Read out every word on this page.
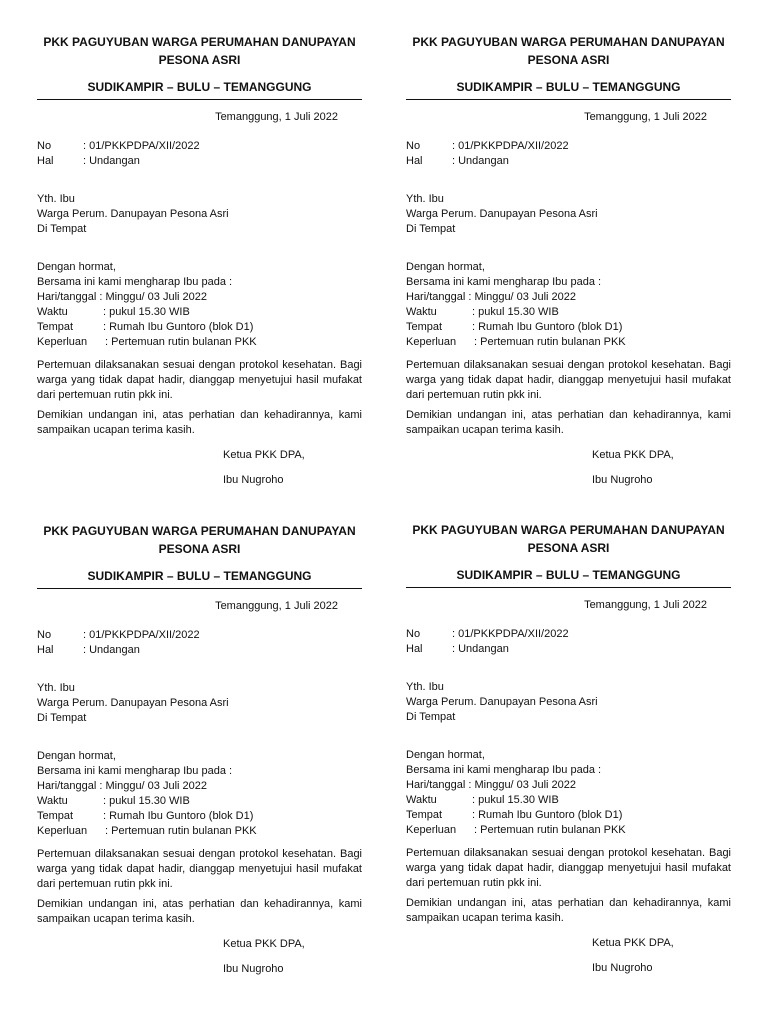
PKK PAGUYUBAN WARGA PERUMAHAN DANUPAYAN
PESONA ASRI
SUDIKAMPIR – BULU – TEMANGGUNG
Temanggung, 1 Juli 2022
No	: 01/PKKPDPA/XII/2022
Hal	: Undangan
Yth. Ibu
Warga Perum. Danupayan Pesona Asri
Di Tempat
Dengan hormat,
Bersama ini kami mengharap Ibu pada :
Hari/tanggal : Minggu/ 03 Juli 2022
Waktu	: pukul 15.30 WIB
Tempat	: Rumah Ibu Guntoro (blok D1)
Keperluan	: Pertemuan rutin bulanan PKK
Pertemuan dilaksanakan sesuai dengan protokol kesehatan. Bagi warga yang tidak dapat hadir, dianggap menyetujui hasil mufakat dari pertemuan rutin pkk ini.
Demikian undangan ini, atas perhatian dan kehadirannya, kami sampaikan ucapan terima kasih.
Ketua PKK DPA,
Ibu Nugroho
PKK PAGUYUBAN WARGA PERUMAHAN DANUPAYAN
PESONA ASRI
SUDIKAMPIR – BULU – TEMANGGUNG
Temanggung, 1 Juli 2022
No	: 01/PKKPDPA/XII/2022
Hal	: Undangan
Yth. Ibu
Warga Perum. Danupayan Pesona Asri
Di Tempat
Dengan hormat,
Bersama ini kami mengharap Ibu pada :
Hari/tanggal : Minggu/ 03 Juli 2022
Waktu	: pukul 15.30 WIB
Tempat	: Rumah Ibu Guntoro (blok D1)
Keperluan	: Pertemuan rutin bulanan PKK
Pertemuan dilaksanakan sesuai dengan protokol kesehatan. Bagi warga yang tidak dapat hadir, dianggap menyetujui hasil mufakat dari pertemuan rutin pkk ini.
Demikian undangan ini, atas perhatian dan kehadirannya, kami sampaikan ucapan terima kasih.
Ketua PKK DPA,
Ibu Nugroho
PKK PAGUYUBAN WARGA PERUMAHAN DANUPAYAN
PESONA ASRI
SUDIKAMPIR – BULU – TEMANGGUNG
Temanggung, 1 Juli 2022
No	: 01/PKKPDPA/XII/2022
Hal	: Undangan
Yth. Ibu
Warga Perum. Danupayan Pesona Asri
Di Tempat
Dengan hormat,
Bersama ini kami mengharap Ibu pada :
Hari/tanggal : Minggu/ 03 Juli 2022
Waktu	: pukul 15.30 WIB
Tempat	: Rumah Ibu Guntoro (blok D1)
Keperluan	: Pertemuan rutin bulanan PKK
Pertemuan dilaksanakan sesuai dengan protokol kesehatan. Bagi warga yang tidak dapat hadir, dianggap menyetujui hasil mufakat dari pertemuan rutin pkk ini.
Demikian undangan ini, atas perhatian dan kehadirannya, kami sampaikan ucapan terima kasih.
Ketua PKK DPA,
Ibu Nugroho
PKK PAGUYUBAN WARGA PERUMAHAN DANUPAYAN
PESONA ASRI
SUDIKAMPIR – BULU – TEMANGGUNG
Temanggung, 1 Juli 2022
No	: 01/PKKPDPA/XII/2022
Hal	: Undangan
Yth. Ibu
Warga Perum. Danupayan Pesona Asri
Di Tempat
Dengan hormat,
Bersama ini kami mengharap Ibu pada :
Hari/tanggal : Minggu/ 03 Juli 2022
Waktu	: pukul 15.30 WIB
Tempat	: Rumah Ibu Guntoro (blok D1)
Keperluan	: Pertemuan rutin bulanan PKK
Pertemuan dilaksanakan sesuai dengan protokol kesehatan. Bagi warga yang tidak dapat hadir, dianggap menyetujui hasil mufakat dari pertemuan rutin pkk ini.
Demikian undangan ini, atas perhatian dan kehadirannya, kami sampaikan ucapan terima kasih.
Ketua PKK DPA,
Ibu Nugroho
